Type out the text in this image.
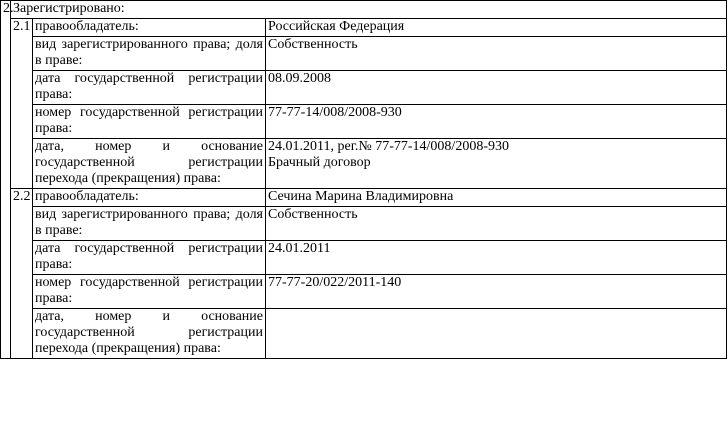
2.	Зарегистрировано:		
	2.1	правообладатель:	Российская Федерация
		вид зарегистрированного права; доля в праве:	Собственность
		дата государственной регистрации права:	08.09.2008
		номер государственной регистрации права:	77-77-14/008/2008-930
		дата, номер и основание государственной регистрации перехода (прекращения) права:	24.01.2011, рег.№ 77-77-14/008/2008-930
Брачный договор
	2.2	правообладатель:	Сечина Марина Владимировна
		вид зарегистрированного права; доля в праве:	Собственность
		дата государственной регистрации права:	24.01.2011
		номер государственной регистрации права:	77-77-20/022/2011-140
		дата, номер и основание государственной регистрации перехода (прекращения) права:	
